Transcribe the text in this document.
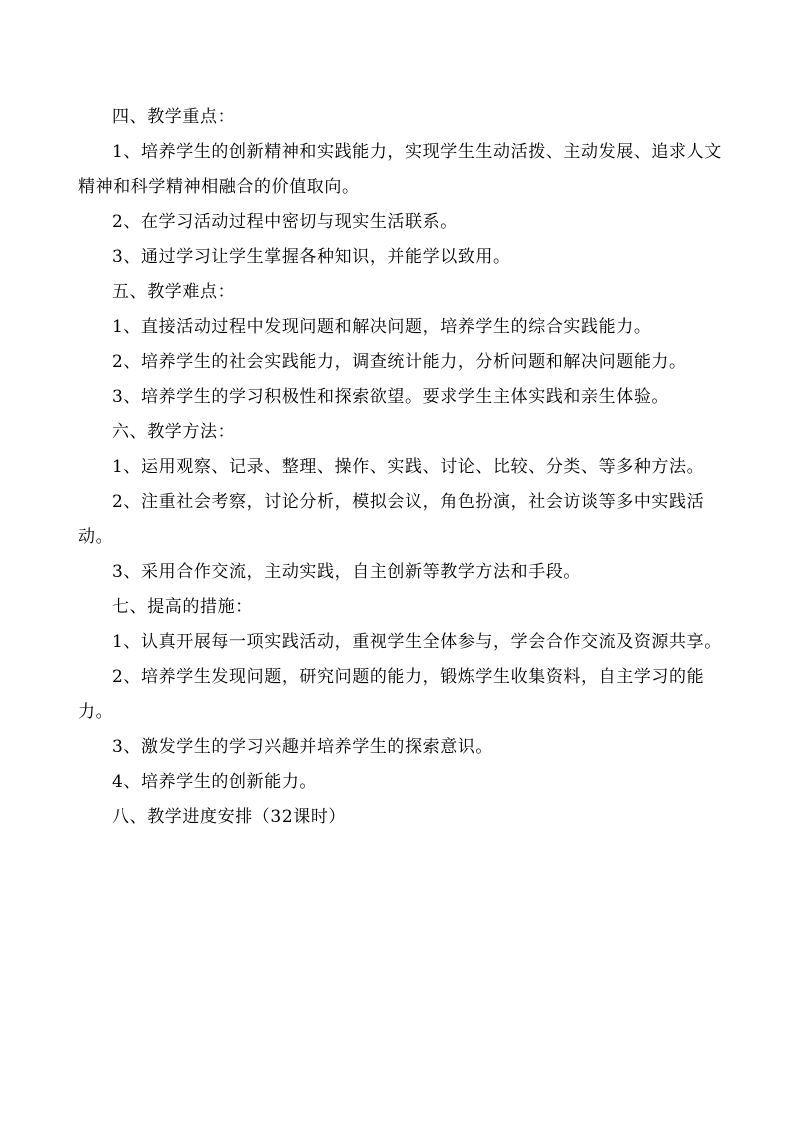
四、教学重点：

1、培养学生的创新精神和实践能力，实现学生生动活拨、主动发展、追求人文精神和科学精神相融合的价值取向。

2、在学习活动过程中密切与现实生活联系。

3、通过学习让学生掌握各种知识，并能学以致用。

五、教学难点：

1、直接活动过程中发现问题和解决问题，培养学生的综合实践能力。

2、培养学生的社会实践能力，调查统计能力，分析问题和解决问题能力。

3、培养学生的学习积极性和探索欲望。要求学生主体实践和亲生体验。

六、教学方法：

1、运用观察、记录、整理、操作、实践、讨论、比较、分类、等多种方法。

2、注重社会考察，讨论分析，模拟会议，角色扮演，社会访谈等多中实践活动。

3、采用合作交流，主动实践，自主创新等教学方法和手段。

七、提高的措施：

1、认真开展每一项实践活动，重视学生全体参与，学会合作交流及资源共享。

2、培养学生发现问题，研究问题的能力，锻炼学生收集资料，自主学习的能力。

3、激发学生的学习兴趣并培养学生的探索意识。

4、培养学生的创新能力。

八、教学进度安排（32课时）
